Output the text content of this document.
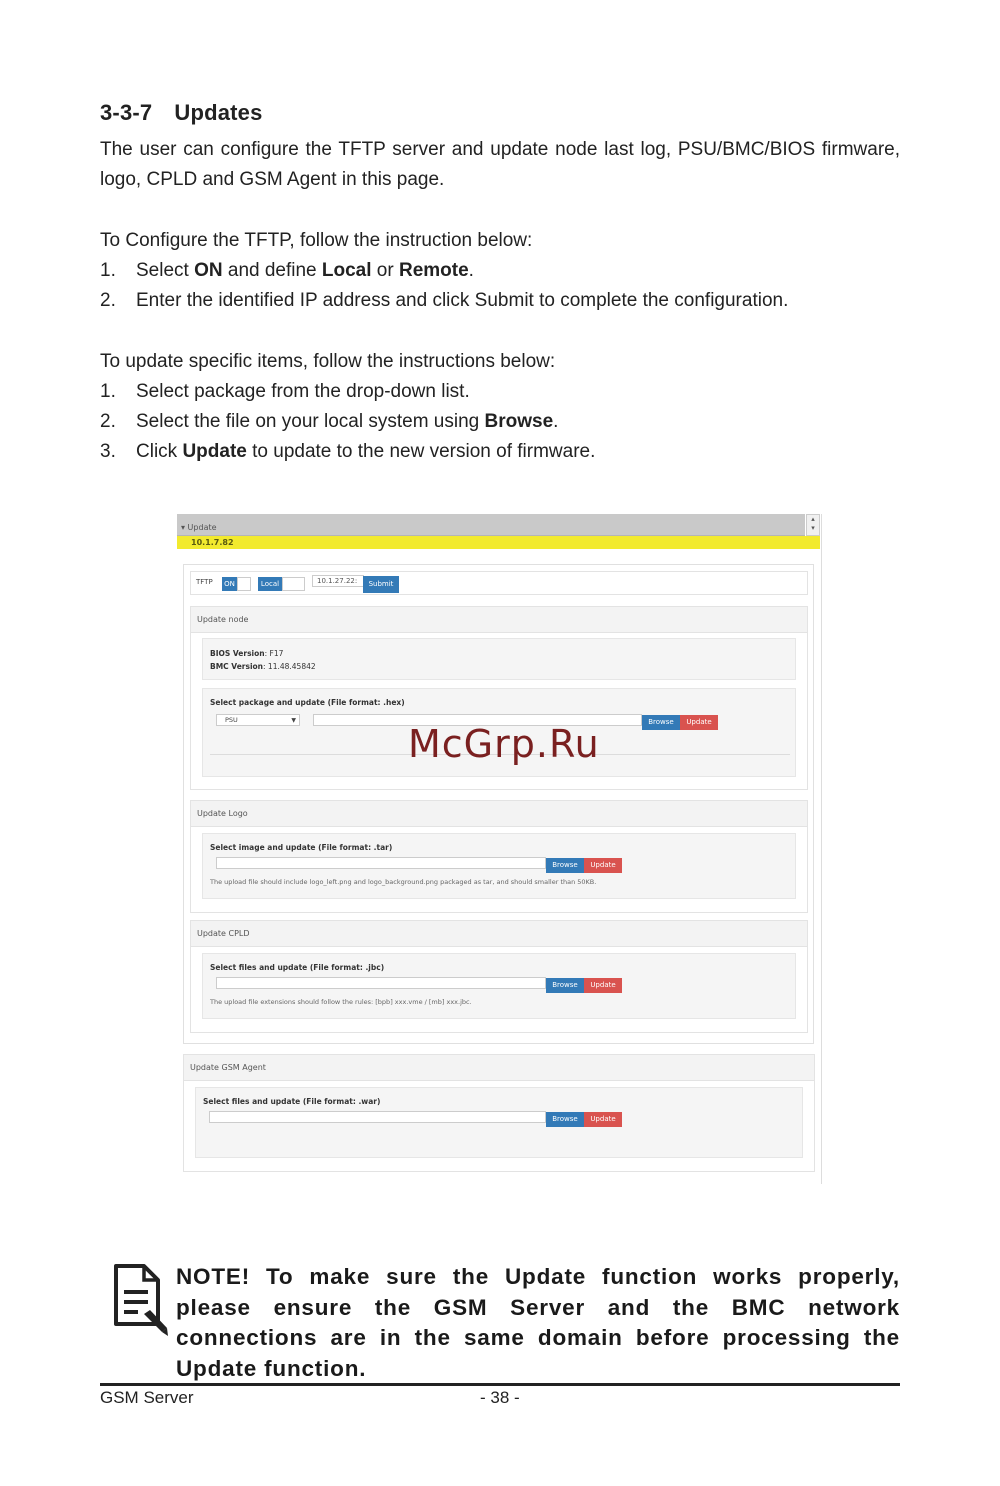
3-3-7 Updates
The user can configure the TFTP server and update node last log, PSU/BMC/BIOS firmware, logo, CPLD and GSM Agent in this page.
To Configure the TFTP, follow the instruction below:
1. Select ON and define Local or Remote.
2. Enter the identified IP address and click Submit to complete the configuration.
To update specific items, follow the instructions below:
1. Select package from the drop-down list.
2. Select the file on your local system using Browse.
3. Click Update to update to the new version of firmware.
▾ Update
▴
▾
10.1.7.82
TFTP	ON	Local	10.1.27.22:	Submit
Update node
BIOS Version: F17
BMC Version: 11.48.45842
Select package and update (File format: .hex)
PSU	▼	Browse	Update
Update Logo
Select image and update (File format: .tar)
Browse	Update
The upload file should include logo_left.png and logo_background.png packaged as tar, and should smaller than 50KB.
Update CPLD
Select files and update (File format: .jbc)
Browse	Update
The upload file extensions should follow the rules: [bpb] xxx.vme / [mb] xxx.jbc.
Update GSM Agent
Select files and update (File format: .war)
Browse	Update
McGrp.Ru
NOTE! To make sure the Update function works properly, please ensure the GSM Server and the BMC network connections are in the same domain before processing the Update function.
GSM Server	- 38 -
